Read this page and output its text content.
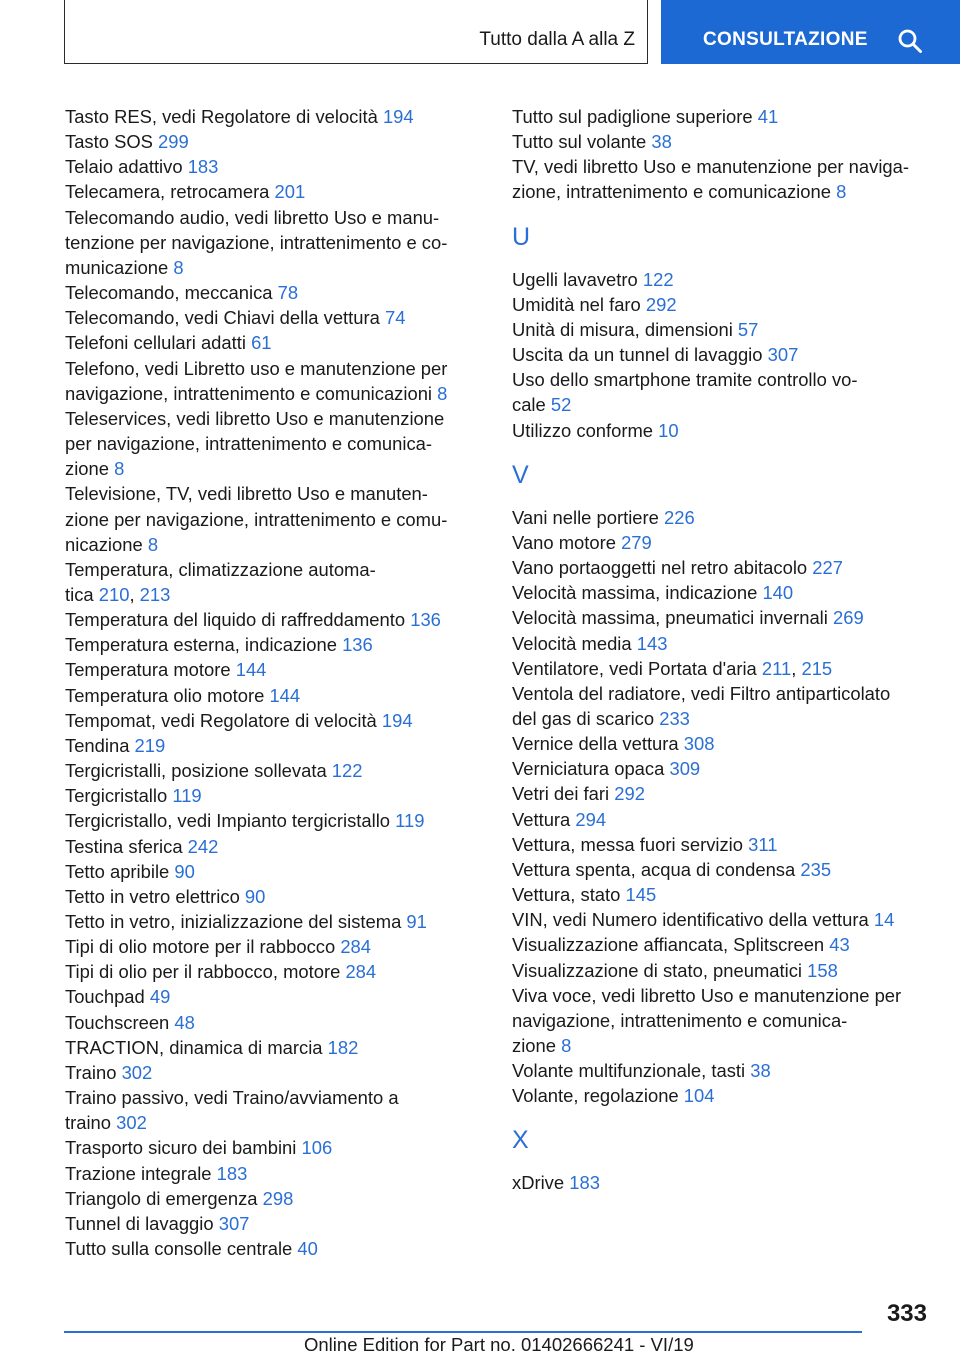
Tutto dalla A alla Z	CONSULTAZIONE
Tasto RES, vedi Regolatore di velocità 194
Tasto SOS 299
Telaio adattivo 183
Telecamera, retrocamera 201
Telecomando audio, vedi libretto Uso e manu-
tenzione per navigazione, intrattenimento e co-
municazione 8
Telecomando, meccanica 78
Telecomando, vedi Chiavi della vettura 74
Telefoni cellulari adatti 61
Telefono, vedi Libretto uso e manutenzione per
navigazione, intrattenimento e comunicazioni 8
Teleservices, vedi libretto Uso e manutenzione
per navigazione, intrattenimento e comunica-
zione 8
Televisione, TV, vedi libretto Uso e manuten-
zione per navigazione, intrattenimento e comu-
nicazione 8
Temperatura, climatizzazione automa-
tica 210, 213
Temperatura del liquido di raffreddamento 136
Temperatura esterna, indicazione 136
Temperatura motore 144
Temperatura olio motore 144
Tempomat, vedi Regolatore di velocità 194
Tendina 219
Tergicristalli, posizione sollevata 122
Tergicristallo 119
Tergicristallo, vedi Impianto tergicristallo 119
Testina sferica 242
Tetto apribile 90
Tetto in vetro elettrico 90
Tetto in vetro, inizializzazione del sistema 91
Tipi di olio motore per il rabbocco 284
Tipi di olio per il rabbocco, motore 284
Touchpad 49
Touchscreen 48
TRACTION, dinamica di marcia 182
Traino 302
Traino passivo, vedi Traino/avviamento a
traino 302
Trasporto sicuro dei bambini 106
Trazione integrale 183
Triangolo di emergenza 298
Tunnel di lavaggio 307
Tutto sulla consolle centrale 40
Tutto sul padiglione superiore 41
Tutto sul volante 38
TV, vedi libretto Uso e manutenzione per naviga-
zione, intrattenimento e comunicazione 8
U
Ugelli lavavetro 122
Umidità nel faro 292
Unità di misura, dimensioni 57
Uscita da un tunnel di lavaggio 307
Uso dello smartphone tramite controllo vo-
cale 52
Utilizzo conforme 10
V
Vani nelle portiere 226
Vano motore 279
Vano portaoggetti nel retro abitacolo 227
Velocità massima, indicazione 140
Velocità massima, pneumatici invernali 269
Velocità media 143
Ventilatore, vedi Portata d'aria 211, 215
Ventola del radiatore, vedi Filtro antiparticolato
del gas di scarico 233
Vernice della vettura 308
Verniciatura opaca 309
Vetri dei fari 292
Vettura 294
Vettura, messa fuori servizio 311
Vettura spenta, acqua di condensa 235
Vettura, stato 145
VIN, vedi Numero identificativo della vettura 14
Visualizzazione affiancata, Splitscreen 43
Visualizzazione di stato, pneumatici 158
Viva voce, vedi libretto Uso e manutenzione per
navigazione, intrattenimento e comunica-
zione 8
Volante multifunzionale, tasti 38
Volante, regolazione 104
X
xDrive 183
333
Online Edition for Part no. 01402666241 - VI/19
